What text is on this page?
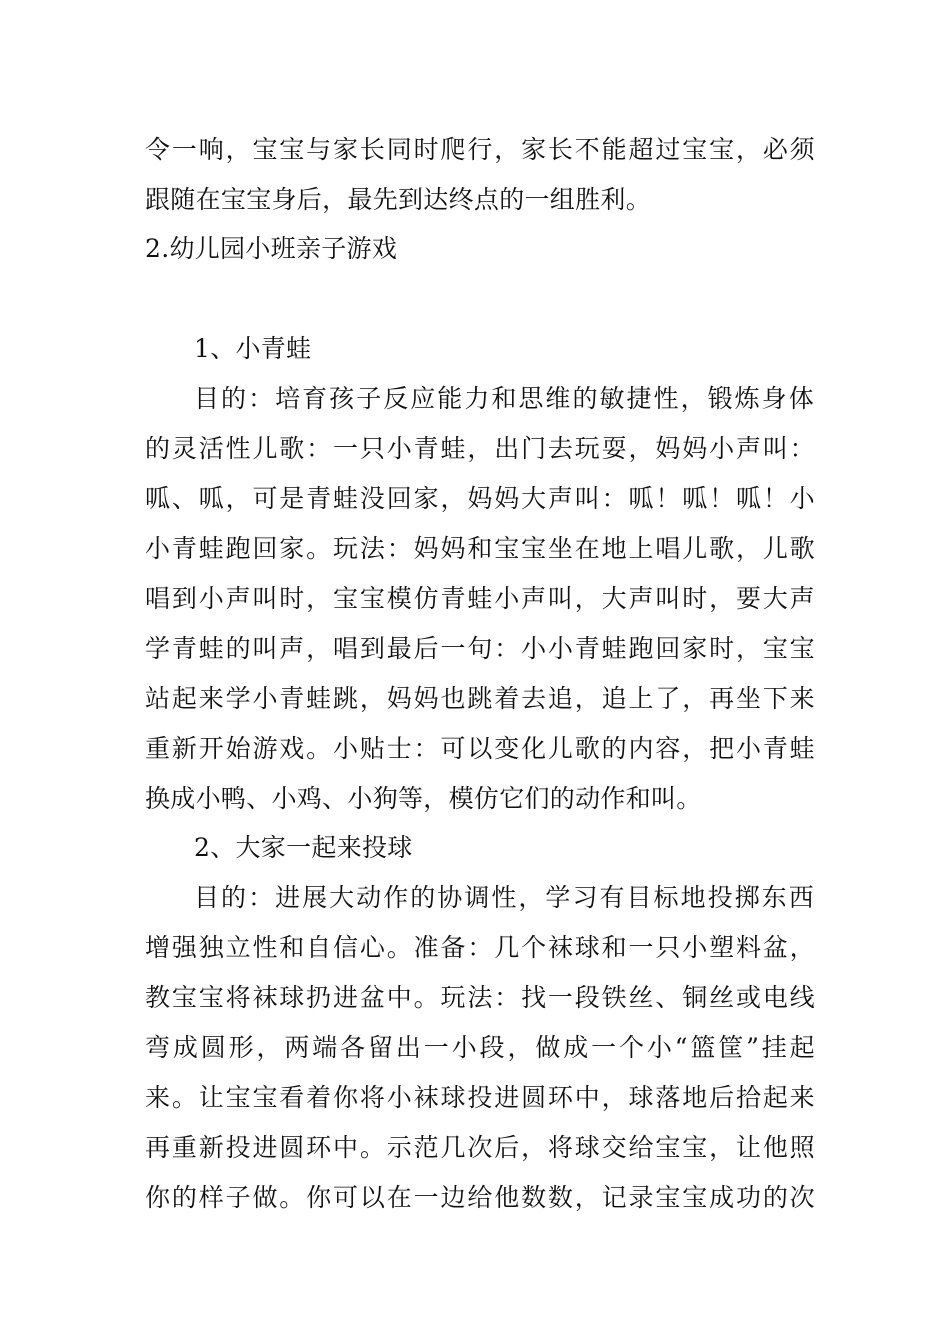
令一响，宝宝与家长同时爬行，家长不能超过宝宝，必须
跟随在宝宝身后，最先到达终点的一组胜利。
2.幼儿园小班亲子游戏
1、小青蛙
目的：培育孩子反应能力和思维的敏捷性，锻炼身体
的灵活性儿歌：一只小青蛙，出门去玩耍，妈妈小声叫：
呱、呱，可是青蛙没回家，妈妈大声叫：呱！呱！呱！小
小青蛙跑回家。玩法：妈妈和宝宝坐在地上唱儿歌，儿歌
唱到小声叫时，宝宝模仿青蛙小声叫，大声叫时，要大声
学青蛙的叫声，唱到最后一句：小小青蛙跑回家时，宝宝
站起来学小青蛙跳，妈妈也跳着去追，追上了，再坐下来
重新开始游戏。小贴士：可以变化儿歌的内容，把小青蛙
换成小鸭、小鸡、小狗等，模仿它们的动作和叫。
2、大家一起来投球
目的：进展大动作的协调性，学习有目标地投掷东西
增强独立性和自信心。准备：几个袜球和一只小塑料盆，
教宝宝将袜球扔进盆中。玩法：找一段铁丝、铜丝或电线
弯成圆形，两端各留出一小段，做成一个小“篮筐”挂起
来。让宝宝看着你将小袜球投进圆环中，球落地后拾起来
再重新投进圆环中。示范几次后，将球交给宝宝，让他照
你的样子做。你可以在一边给他数数，记录宝宝成功的次
